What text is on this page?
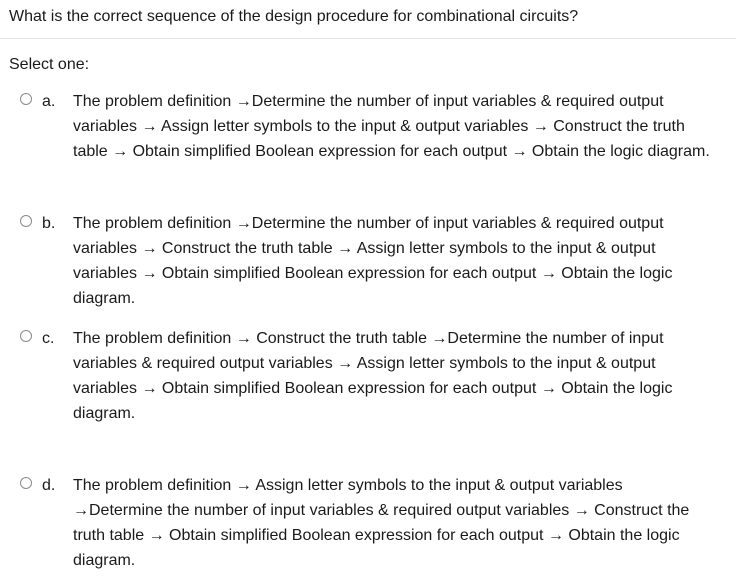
What is the correct sequence of the design procedure for combinational circuits?
Select one:
a. The problem definition →Determine the number of input variables & required output
variables → Assign letter symbols to the input & output variables → Construct the truth
table → Obtain simplified Boolean expression for each output → Obtain the logic diagram.
b. The problem definition →Determine the number of input variables & required output
variables → Construct the truth table → Assign letter symbols to the input & output
variables → Obtain simplified Boolean expression for each output → Obtain the logic
diagram.
c. The problem definition → Construct the truth table →Determine the number of input
variables & required output variables → Assign letter symbols to the input & output
variables → Obtain simplified Boolean expression for each output → Obtain the logic
diagram.
d. The problem definition → Assign letter symbols to the input & output variables
→Determine the number of input variables & required output variables → Construct the
truth table → Obtain simplified Boolean expression for each output → Obtain the logic
diagram.
